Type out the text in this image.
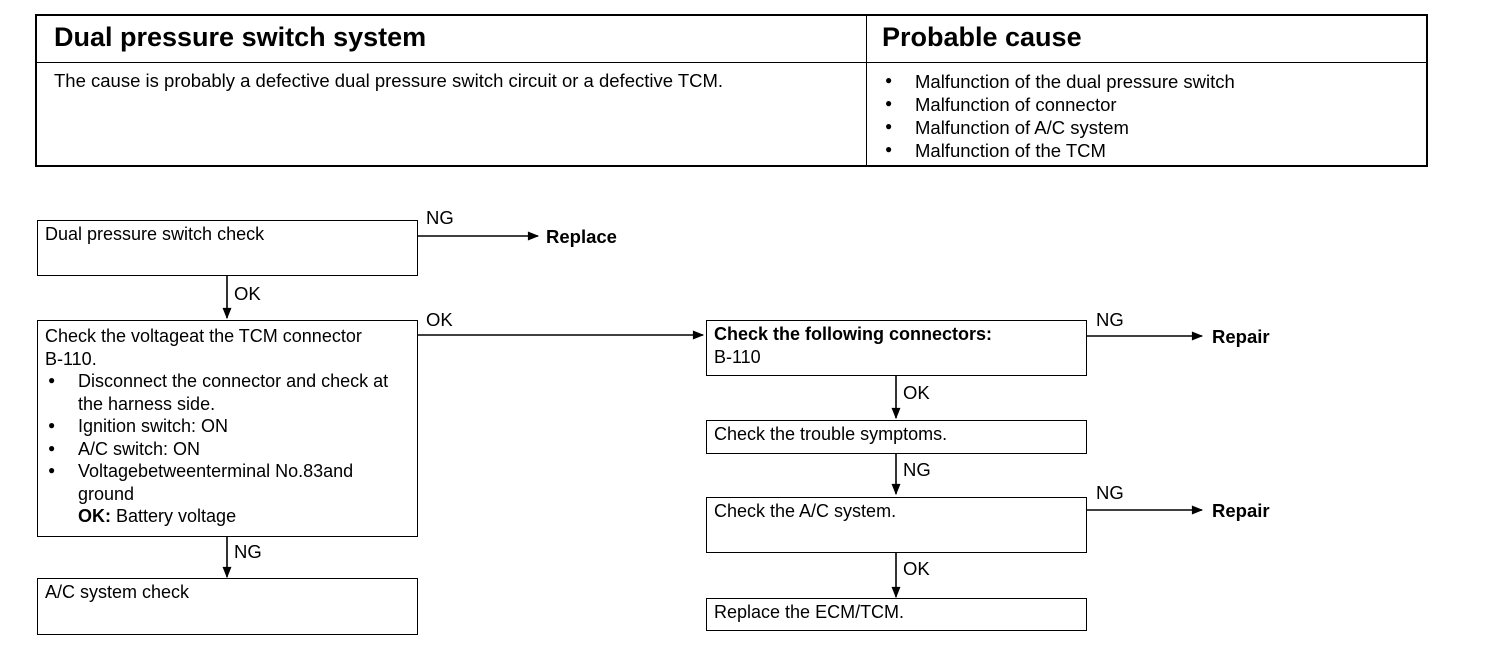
Dual pressure switch system	Probable cause
The cause is probably a defective dual pressure switch circuit or a defective TCM.
●	Malfunction of the dual pressure switch
● Malfunction of connector
● Malfunction of A/C system
● Malfunction of the TCM
Dual pressure switch check
NG
Replace
OK
Check the voltageat the TCM connector
B-110.
● Disconnect the connector and check at the harness side.
● Ignition switch: ON
● A/C switch: ON
● Voltagebetweenterminal No.83and ground
OK: Battery voltage
OK
NG
A/C system check
Check the following connectors:
B-110
NG
Repair
OK
Check the trouble symptoms.
NG
Check the A/C system.
NG
Repair
OK
Replace the ECM/TCM.
